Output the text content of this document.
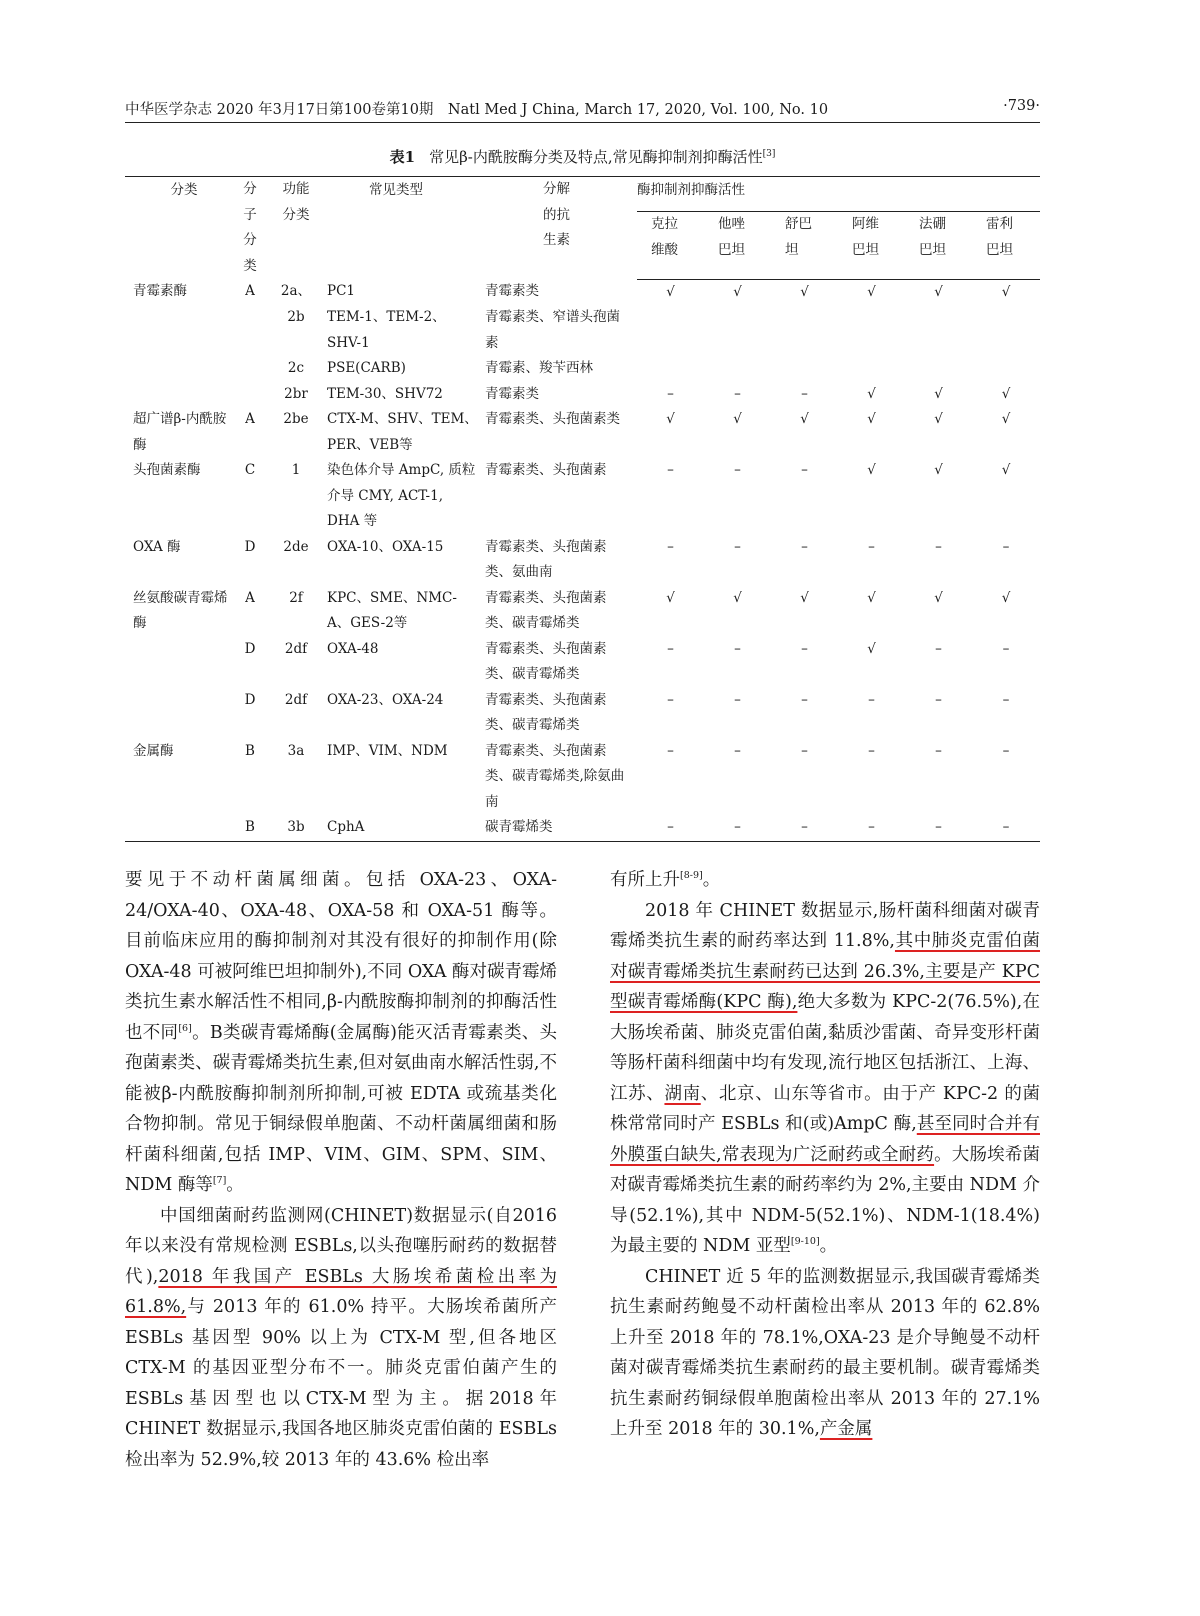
中华医学杂志 2020 年3月17日第100卷第10期　Natl Med J China, March 17, 2020, Vol. 100, No. 10	·739·
表1 常见β-内酰胺酶分类及特点,常见酶抑制剂抑酶活性[3]
分类	分子分类	功能分类	常见类型	分解的抗生素	酶抑制剂抑酶活性					
					克拉维酸	他唑巴坦	舒巴坦	阿维巴坦	法硼巴坦	雷利巴坦
青霉素酶	A	2a、	PC1	青霉素类	√	√	√	√	√	√
		2b	TEM-1、TEM-2、SHV-1	青霉素类、窄谱头孢菌素						
		2c	PSE(CARB)	青霉素、羧苄西林						
		2br	TEM-30、SHV72	青霉素类	–	–	–	√	√	√
超广谱β-内酰胺酶	A	2be	CTX-M、SHV、TEM、PER、VEB等	青霉素类、头孢菌素类	√	√	√	√	√	√
头孢菌素酶	C	1	染色体介导 AmpC, 质粒介导 CMY, ACT-1, DHA 等	青霉素类、头孢菌素	–	–	–	√	√	√
OXA 酶	D	2de	OXA-10、OXA-15	青霉素类、头孢菌素类、氨曲南	–	–	–	–	–	–
丝氨酸碳青霉烯酶	A	2f	KPC、SME、NMC-A、GES-2等	青霉素类、头孢菌素类、碳青霉烯类	√	√	√	√	√	√
	D	2df	OXA-48	青霉素类、头孢菌素类、碳青霉烯类	–	–	–	√	–	–
	D	2df	OXA-23、OXA-24	青霉素类、头孢菌素类、碳青霉烯类	–	–	–	–	–	–
金属酶	B	3a	IMP、VIM、NDM	青霉素类、头孢菌素类、碳青霉烯类,除氨曲南	–	–	–	–	–	–
	B	3b	CphA	碳青霉烯类	–	–	–	–	–	–

要见于不动杆菌属细菌。包括 OXA-23、OXA-24/OXA-40、OXA-48、OXA-58 和 OXA-51 酶等。目前临床应用的酶抑制剂对其没有很好的抑制作用(除 OXA-48 可被阿维巴坦抑制外),不同 OXA 酶对碳青霉烯类抗生素水解活性不相同,β-内酰胺酶抑制剂的抑酶活性也不同[6]。B类碳青霉烯酶(金属酶)能灭活青霉素类、头孢菌素类、碳青霉烯类抗生素,但对氨曲南水解活性弱,不能被β-内酰胺酶抑制剂所抑制,可被 EDTA 或巯基类化合物抑制。常见于铜绿假单胞菌、不动杆菌属细菌和肠杆菌科细菌,包括 IMP、VIM、GIM、SPM、SIM、NDM 酶等[7]。

中国细菌耐药监测网(CHINET)数据显示(自2016年以来没有常规检测 ESBLs,以头孢噻肟耐药的数据替代),2018 年我国产 ESBLs 大肠埃希菌检出率为 61.8%,与 2013 年的 61.0% 持平。大肠埃希菌所产 ESBLs 基因型 90% 以上为 CTX-M 型,但各地区 CTX-M 的基因亚型分布不一。肺炎克雷伯菌产生的ESBLs基因型也以CTX-M型为主。据2018年 CHINET 数据显示,我国各地区肺炎克雷伯菌的 ESBLs 检出率为 52.9%,较 2013 年的 43.6% 检出率

有所上升[8-9]。

2018 年 CHINET 数据显示,肠杆菌科细菌对碳青霉烯类抗生素的耐药率达到 11.8%,其中肺炎克雷伯菌对碳青霉烯类抗生素耐药已达到 26.3%,主要是产 KPC 型碳青霉烯酶(KPC 酶),绝大多数为 KPC-2(76.5%),在大肠埃希菌、肺炎克雷伯菌,黏质沙雷菌、奇异变形杆菌等肠杆菌科细菌中均有发现,流行地区包括浙江、上海、江苏、湖南、北京、山东等省市。由于产 KPC-2 的菌株常常同时产 ESBLs 和(或)AmpC 酶,甚至同时合并有外膜蛋白缺失,常表现为广泛耐药或全耐药。大肠埃希菌对碳青霉烯类抗生素的耐药率约为 2%,主要由 NDM 介导(52.1%),其中 NDM-5(52.1%)、NDM-1(18.4%)为最主要的 NDM 亚型[9-10]。

CHINET 近 5 年的监测数据显示,我国碳青霉烯类抗生素耐药鲍曼不动杆菌检出率从 2013 年的 62.8% 上升至 2018 年的 78.1%,OXA-23 是介导鲍曼不动杆菌对碳青霉烯类抗生素耐药的最主要机制。碳青霉烯类抗生素耐药铜绿假单胞菌检出率从 2013 年的 27.1% 上升至 2018 年的 30.1%,产金属
